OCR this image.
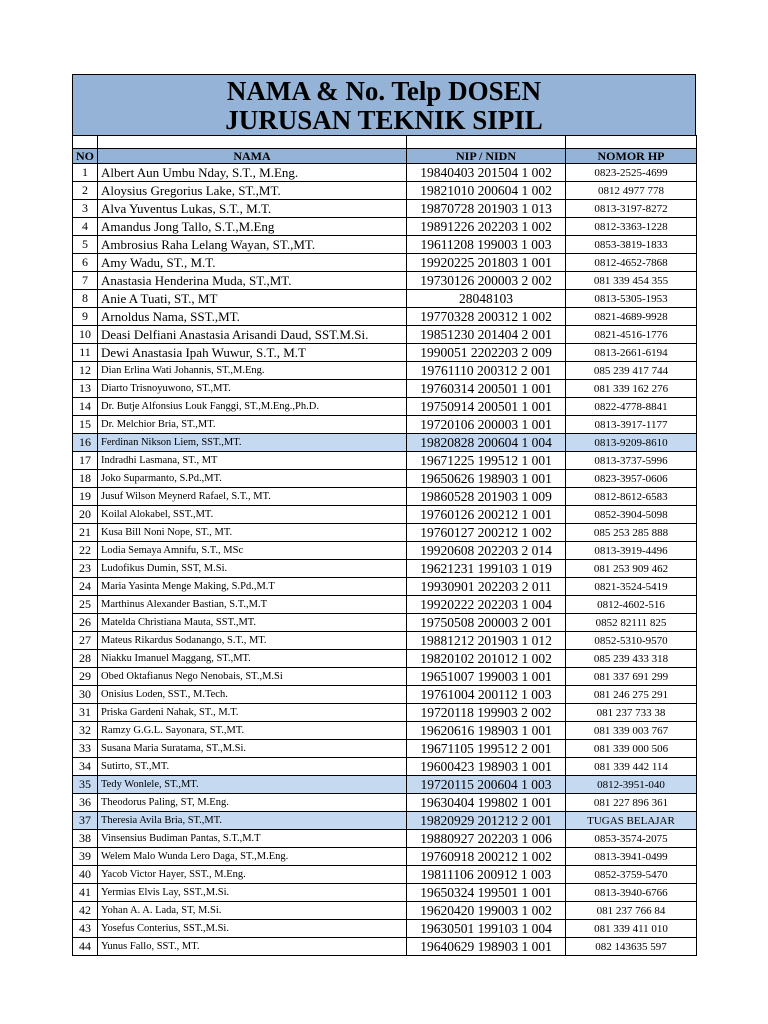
NAMA & No. Telp DOSEN
JURUSAN TEKNIK SIPIL

NO	NAMA	NIP / NIDN	NOMOR HP
1	Albert Aun Umbu Nday, S.T., M.Eng.	19840403 201504 1 002	0823-2525-4699
2	Aloysius Gregorius Lake, ST.,MT.	19821010 200604 1 002	0812 4977 778
3	Alva Yuventus Lukas, S.T., M.T.	19870728 201903 1 013	0813-3197-8272
4	Amandus Jong Tallo, S.T.,M.Eng	19891226 202203 1 002	0812-3363-1228
5	Ambrosius Raha Lelang Wayan, ST.,MT.	19611208 199003 1 003	0853-3819-1833
6	Amy Wadu, ST., M.T.	19920225 201803 1 001	0812-4652-7868
7	Anastasia Henderina Muda, ST.,MT.	19730126 200003 2 002	081 339 454 355
8	Anie A Tuati, ST., MT	28048103	0813-5305-1953
9	Arnoldus Nama, SST.,MT.	19770328 200312 1 002	0821-4689-9928
10	Deasi Delfiani Anastasia Arisandi Daud, SST.M.Si.	19851230 201404 2 001	0821-4516-1776
11	Dewi Anastasia Ipah Wuwur, S.T., M.T	1990051 2202203 2 009	0813-2661-6194
12	Dian Erlina Wati Johannis, ST.,M.Eng.	19761110 200312 2 001	085 239 417 744
13	Diarto Trisnoyuwono, ST.,MT.	19760314 200501 1 001	081 339 162 276
14	Dr. Butje Alfonsius Louk Fanggi, ST.,M.Eng.,Ph.D.	19750914 200501 1 001	0822-4778-8841
15	Dr. Melchior Bria, ST.,MT.	19720106 200003 1 001	0813-3917-1177
16	Ferdinan Nikson Liem, SST.,MT.	19820828 200604 1 004	0813-9209-8610
17	Indradhi Lasmana, ST., MT	19671225 199512 1 001	0813-3737-5996
18	Joko Suparmanto, S.Pd.,MT.	19650626 198903 1 001	0823-3957-0606
19	Jusuf Wilson Meynerd Rafael, S.T., MT.	19860528 201903 1 009	0812-8612-6583
20	Koilal Alokabel, SST.,MT.	19760126 200212 1 001	0852-3904-5098
21	Kusa Bill Noni Nope, ST., MT.	19760127 200212 1 002	085 253 285 888
22	Lodia Semaya Amnifu, S.T., MSc	19920608 202203 2 014	0813-3919-4496
23	Ludofikus Dumin, SST, M.Si.	19621231 199103 1 019	081 253 909 462
24	Maria Yasinta Menge Making, S.Pd.,M.T	19930901 202203 2 011	0821-3524-5419
25	Marthinus Alexander Bastian, S.T.,M.T	19920222 202203 1 004	0812-4602-516
26	Matelda Christiana Mauta, SST.,MT.	19750508 200003 2 001	0852 82111 825
27	Mateus Rikardus Sodanango, S.T., MT.	19881212 201903 1 012	0852-5310-9570
28	Niakku Imanuel Maggang, ST.,MT.	19820102 201012 1 002	085 239 433 318
29	Obed Oktafianus Nego Nenobais, ST.,M.Si	19651007 199003 1 001	081 337 691 299
30	Onisius Loden, SST., M.Tech.	19761004 200112 1 003	081 246 275 291
31	Priska Gardeni Nahak, ST., M.T.	19720118 199903 2 002	081 237 733 38
32	Ramzy G.G.L. Sayonara, ST.,MT.	19620616 198903 1 001	081 339 003 767
33	Susana Maria Suratama, ST.,M.Si.	19671105 199512 2 001	081 339 000 506
34	Sutirto, ST.,MT.	19600423 198903 1 001	081 339 442 114
35	Tedy Wonlele, ST.,MT.	19720115 200604 1 003	0812-3951-040
36	Theodorus Paling, ST, M.Eng.	19630404 199802 1 001	081 227 896 361
37	Theresia Avila Bria, ST.,MT.	19820929 201212 2 001	TUGAS BELAJAR
38	Vinsensius Budiman Pantas, S.T.,M.T	19880927 202203 1 006	0853-3574-2075
39	Welem Malo Wunda Lero Daga, ST.,M.Eng.	19760918 200212 1 002	0813-3941-0499
40	Yacob Victor Hayer, SST., M.Eng.	19811106 200912 1 003	0852-3759-5470
41	Yermias Elvis Lay, SST.,M.Si.	19650324 199501 1 001	0813-3940-6766
42	Yohan A. A. Lada, ST, M.Si.	19620420 199003 1 002	081 237 766 84
43	Yosefus Conterius, SST.,M.Si.	19630501 199103 1 004	081 339 411 010
44	Yunus Fallo, SST., MT.	19640629 198903 1 001	082 143635 597
